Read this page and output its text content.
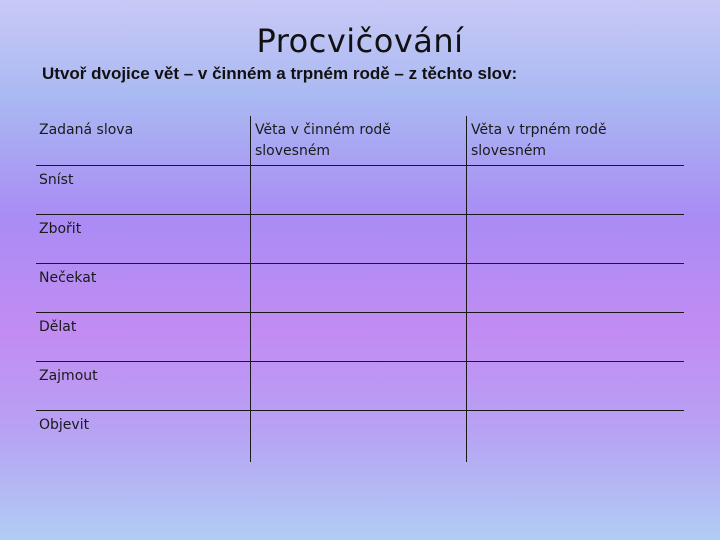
Procvičování
Utvoř dvojice vět – v činném a trpném rodě – z těchto slov:
Zadaná slova	Věta v činném rodě slovesném
Věta v trpném rodě slovesném
Sníst
Zbořit
Nečekat
Dělat
Zajmout
Objevit
